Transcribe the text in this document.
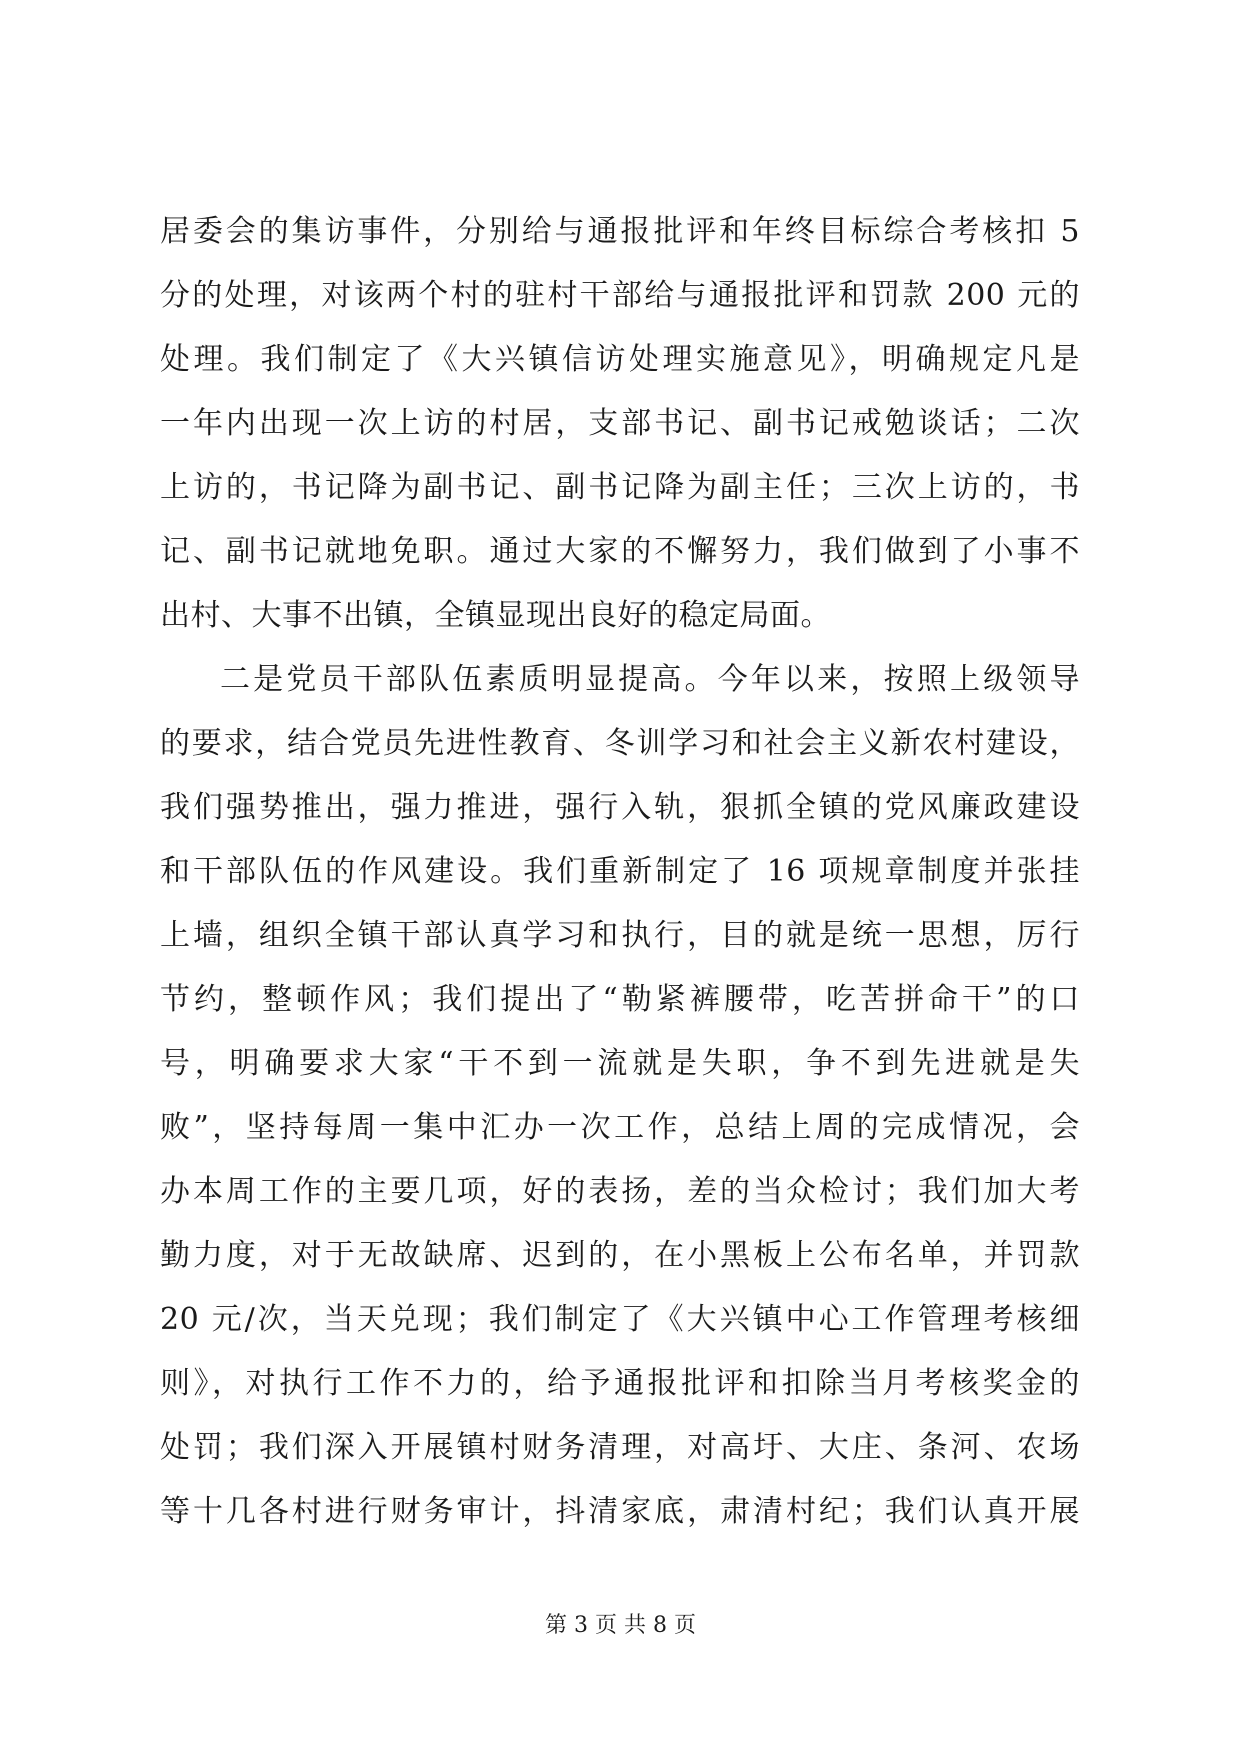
居委会的集访事件，分别给与通报批评和年终目标综合考核扣 5
分的处理，对该两个村的驻村干部给与通报批评和罚款 200 元的
处理。我们制定了《大兴镇信访处理实施意见》，明确规定凡是
一年内出现一次上访的村居，支部书记、副书记戒勉谈话；二次
上访的，书记降为副书记、副书记降为副主任；三次上访的，书
记、副书记就地免职。通过大家的不懈努力，我们做到了小事不
出村、大事不出镇，全镇显现出良好的稳定局面。
二是党员干部队伍素质明显提高。今年以来，按照上级领导
的要求，结合党员先进性教育、冬训学习和社会主义新农村建设，
我们强势推出，强力推进，强行入轨，狠抓全镇的党风廉政建设
和干部队伍的作风建设。我们重新制定了 16 项规章制度并张挂
上墙，组织全镇干部认真学习和执行，目的就是统一思想，厉行
节约，整顿作风；我们提出了“勒紧裤腰带，吃苦拼命干”的口
号，明确要求大家“干不到一流就是失职，争不到先进就是失
败”，坚持每周一集中汇办一次工作，总结上周的完成情况，会
办本周工作的主要几项，好的表扬，差的当众检讨；我们加大考
勤力度，对于无故缺席、迟到的，在小黑板上公布名单，并罚款
20 元/次，当天兑现；我们制定了《大兴镇中心工作管理考核细
则》，对执行工作不力的，给予通报批评和扣除当月考核奖金的
处罚；我们深入开展镇村财务清理，对高圩、大庄、条河、农场
等十几各村进行财务审计，抖清家底，肃清村纪；我们认真开展
第 3 页 共 8 页
